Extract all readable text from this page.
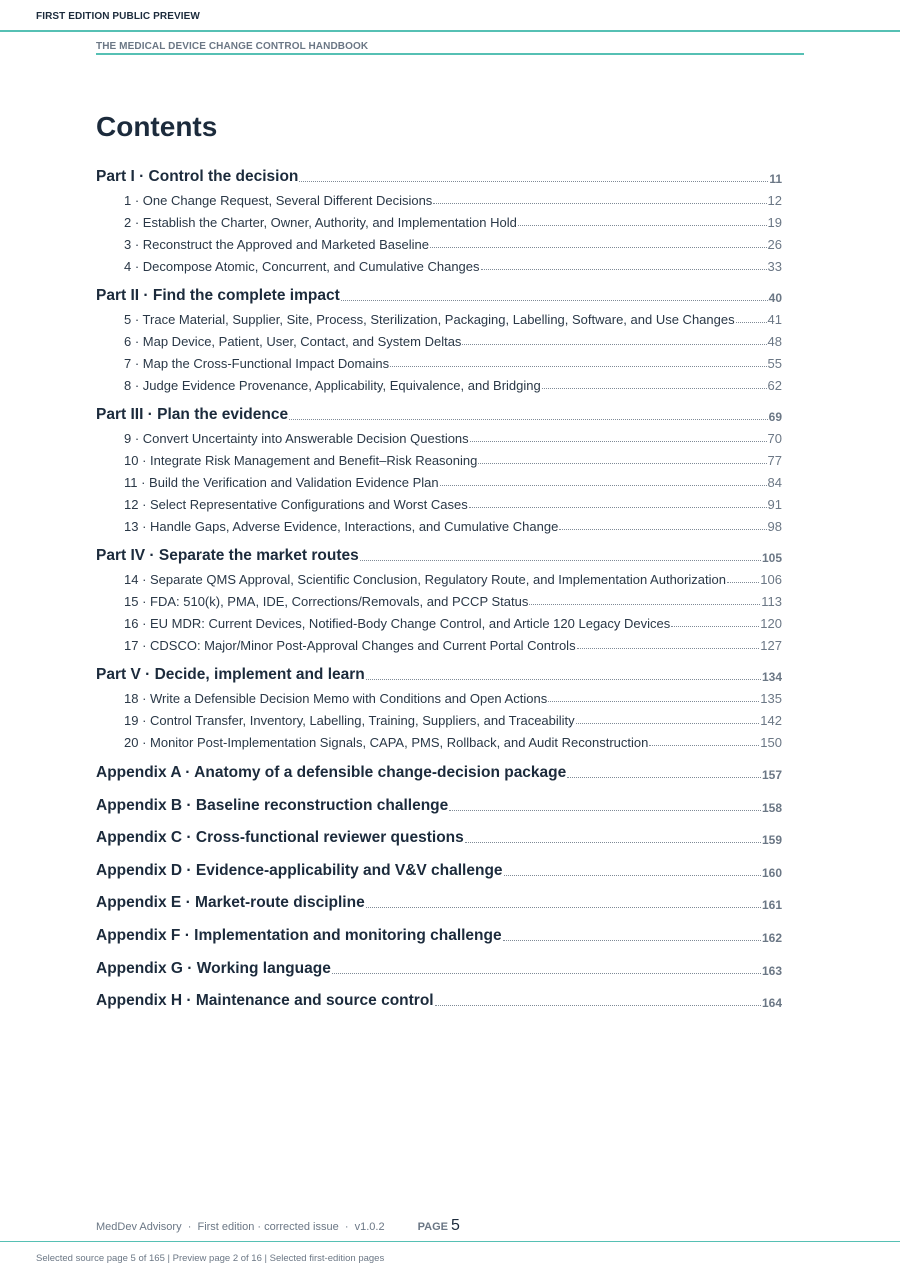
FIRST EDITION PUBLIC PREVIEW
THE MEDICAL DEVICE CHANGE CONTROL HANDBOOK
Contents
Part I · Control the decision	11
1 · One Change Request, Several Different Decisions	12
2 · Establish the Charter, Owner, Authority, and Implementation Hold	19
3 · Reconstruct the Approved and Marketed Baseline	26
4 · Decompose Atomic, Concurrent, and Cumulative Changes	33
Part II · Find the complete impact	40
5 · Trace Material, Supplier, Site, Process, Sterilization, Packaging, Labelling, Software, and Use Changes	41
6 · Map Device, Patient, User, Contact, and System Deltas	48
7 · Map the Cross-Functional Impact Domains	55
8 · Judge Evidence Provenance, Applicability, Equivalence, and Bridging	62
Part III · Plan the evidence	69
9 · Convert Uncertainty into Answerable Decision Questions	70
10 · Integrate Risk Management and Benefit–Risk Reasoning	77
11 · Build the Verification and Validation Evidence Plan	84
12 · Select Representative Configurations and Worst Cases	91
13 · Handle Gaps, Adverse Evidence, Interactions, and Cumulative Change	98
Part IV · Separate the market routes	105
14 · Separate QMS Approval, Scientific Conclusion, Regulatory Route, and Implementation Authorization	106
15 · FDA: 510(k), PMA, IDE, Corrections/Removals, and PCCP Status	113
16 · EU MDR: Current Devices, Notified-Body Change Control, and Article 120 Legacy Devices	120
17 · CDSCO: Major/Minor Post-Approval Changes and Current Portal Controls	127
Part V · Decide, implement and learn	134
18 · Write a Defensible Decision Memo with Conditions and Open Actions	135
19 · Control Transfer, Inventory, Labelling, Training, Suppliers, and Traceability	142
20 · Monitor Post-Implementation Signals, CAPA, PMS, Rollback, and Audit Reconstruction	150
Appendix A · Anatomy of a defensible change-decision package	157
Appendix B · Baseline reconstruction challenge	158
Appendix C · Cross-functional reviewer questions	159
Appendix D · Evidence-applicability and V&V challenge	160
Appendix E · Market-route discipline	161
Appendix F · Implementation and monitoring challenge	162
Appendix G · Working language	163
Appendix H · Maintenance and source control	164
MedDev Advisory  ·  First edition · corrected issue  ·  v1.0.2	PAGE 5
Selected source page 5 of 165 | Preview page 2 of 16 | Selected first-edition pages
